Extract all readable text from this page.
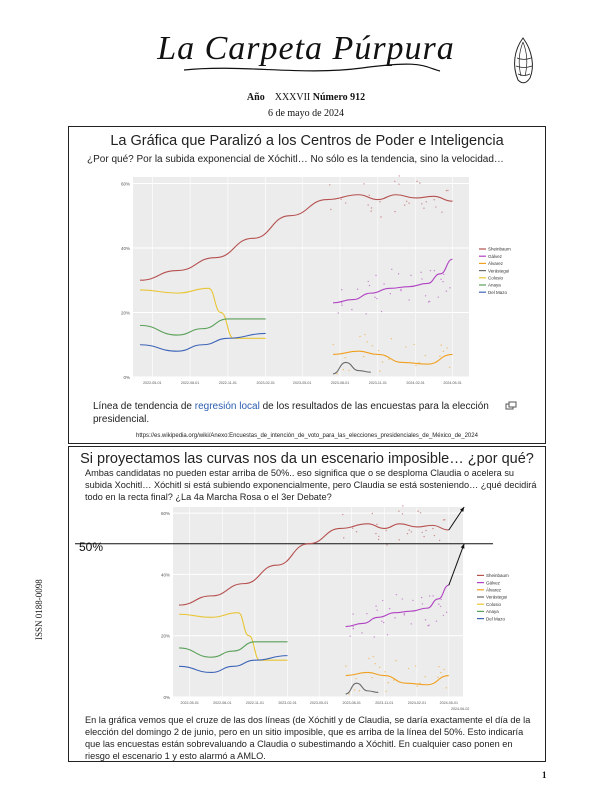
La Carpeta Púrpura
Año XXXVII Número 912
6 de mayo de 2024
ISSN 0188-0098
La Gráfica que Paralizó a los Centros de Poder e Inteligencia
¿Por qué? Por la subida exponencial de Xóchitl… No sólo es la tendencia, sino la velocidad…
0%
20%
40%
60%
2022-05-01	2022-08-01	2022-11-01	2023-02-01	2023-05-01	2023-08-01	2023-11-01	2024-02-01	2024-05-01
Sheinbaum
Gálvez
Álvarez
Verástegui
Colosio
Anaya
Del Mazo
Línea de tendencia de regresión local de los resultados de las encuestas para la elección presidencial.
https://es.wikipedia.org/wiki/Anexo:Encuestas_de_intención_de_voto_para_las_elecciones_presidenciales_de_México_de_2024
Si proyectamos las curvas nos da un escenario imposible… ¿por qué?
Ambas candidatas no pueden estar arriba de 50%.. eso significa que o se desploma Claudia o acelera su subida Xochitl… Xóchitl si está subiendo exponencialmente, pero Claudia se está sosteniendo… ¿qué decidirá todo en la recta final? ¿La 4a Marcha Rosa o el 3er Debate?
0%
20%
40%
60%
2022-05-01	2022-08-01	2022-11-01	2023-02-01	2023-05-01	2023-08-01	2023-11-01	2024-02-01	2024-05-01
2024-06-02
50%
Sheinbaum
Gálvez
Álvarez
Verástegui
Colosio
Anaya
Del Mazo
En la gráfica vemos que el cruze de las dos líneas (de Xóchitl y de Claudia, se daría exactamente el día de la elección del domingo 2 de junio, pero en un sitio imposible, que es arriba de la línea del 50%. Esto indicaría que las encuestas están sobrevaluando a Claudia o subestimando a Xóchitl. En cualquier caso ponen en riesgo el escenario 1 y esto alarmó a AMLO.
1
